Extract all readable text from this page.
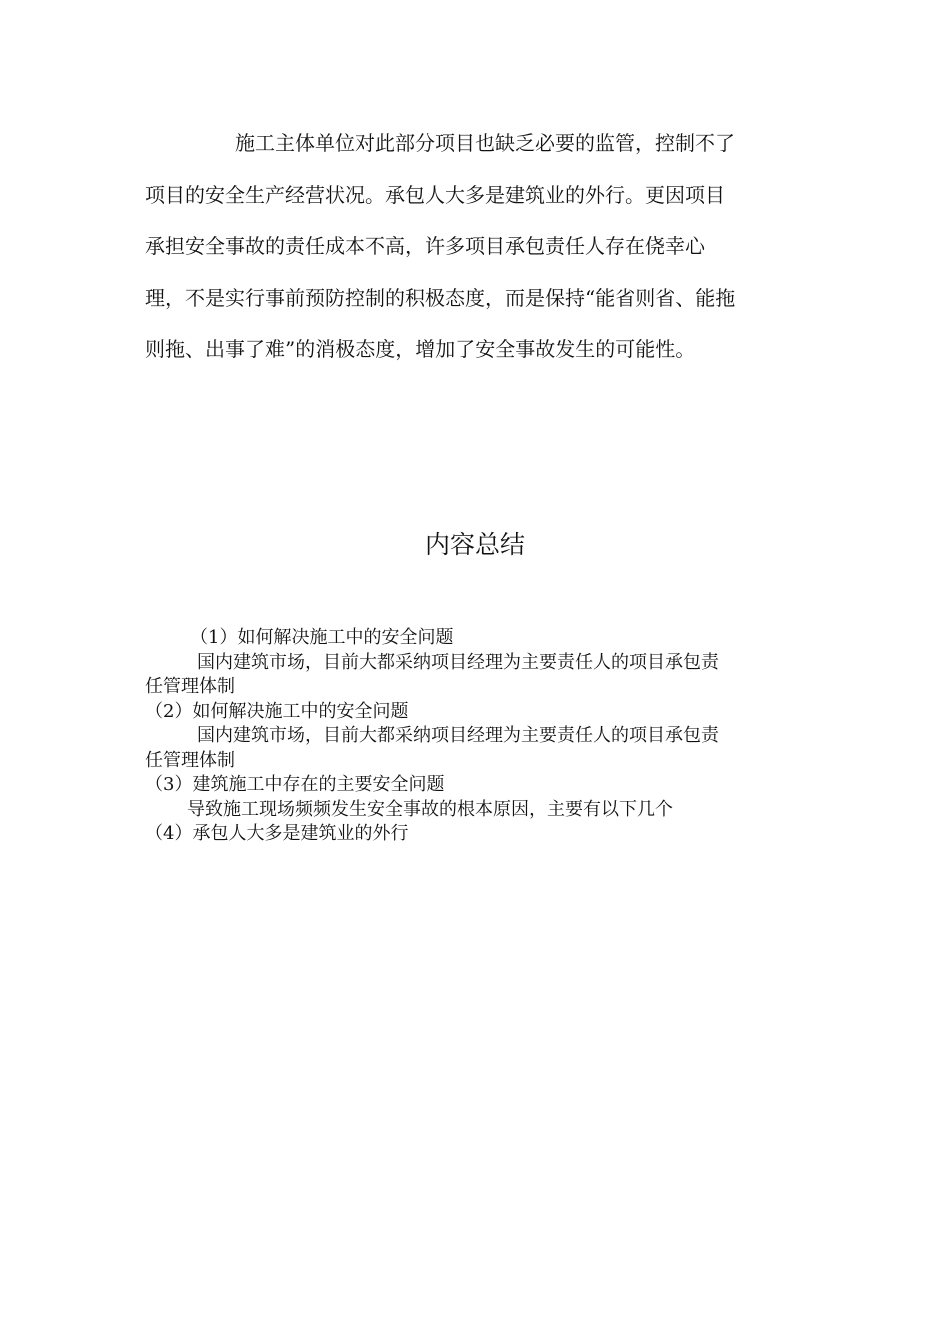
施工主体单位对此部分项目也缺乏必要的监管，控制不了
项目的安全生产经营状况。承包人大多是建筑业的外行。更因项目
承担安全事故的责任成本不高，许多项目承包责任人存在侥幸心
理，不是实行事前预防控制的积极态度，而是保持“能省则省、能拖
则拖、出事了难”的消极态度，增加了安全事故发生的可能性。
内容总结
（1）如何解决施工中的安全问题
国内建筑市场，目前大都采纳项目经理为主要责任人的项目承包责
任管理体制
（2）如何解决施工中的安全问题
国内建筑市场，目前大都采纳项目经理为主要责任人的项目承包责
任管理体制
（3）建筑施工中存在的主要安全问题
导致施工现场频频发生安全事故的根本原因，主要有以下几个
（4）承包人大多是建筑业的外行
